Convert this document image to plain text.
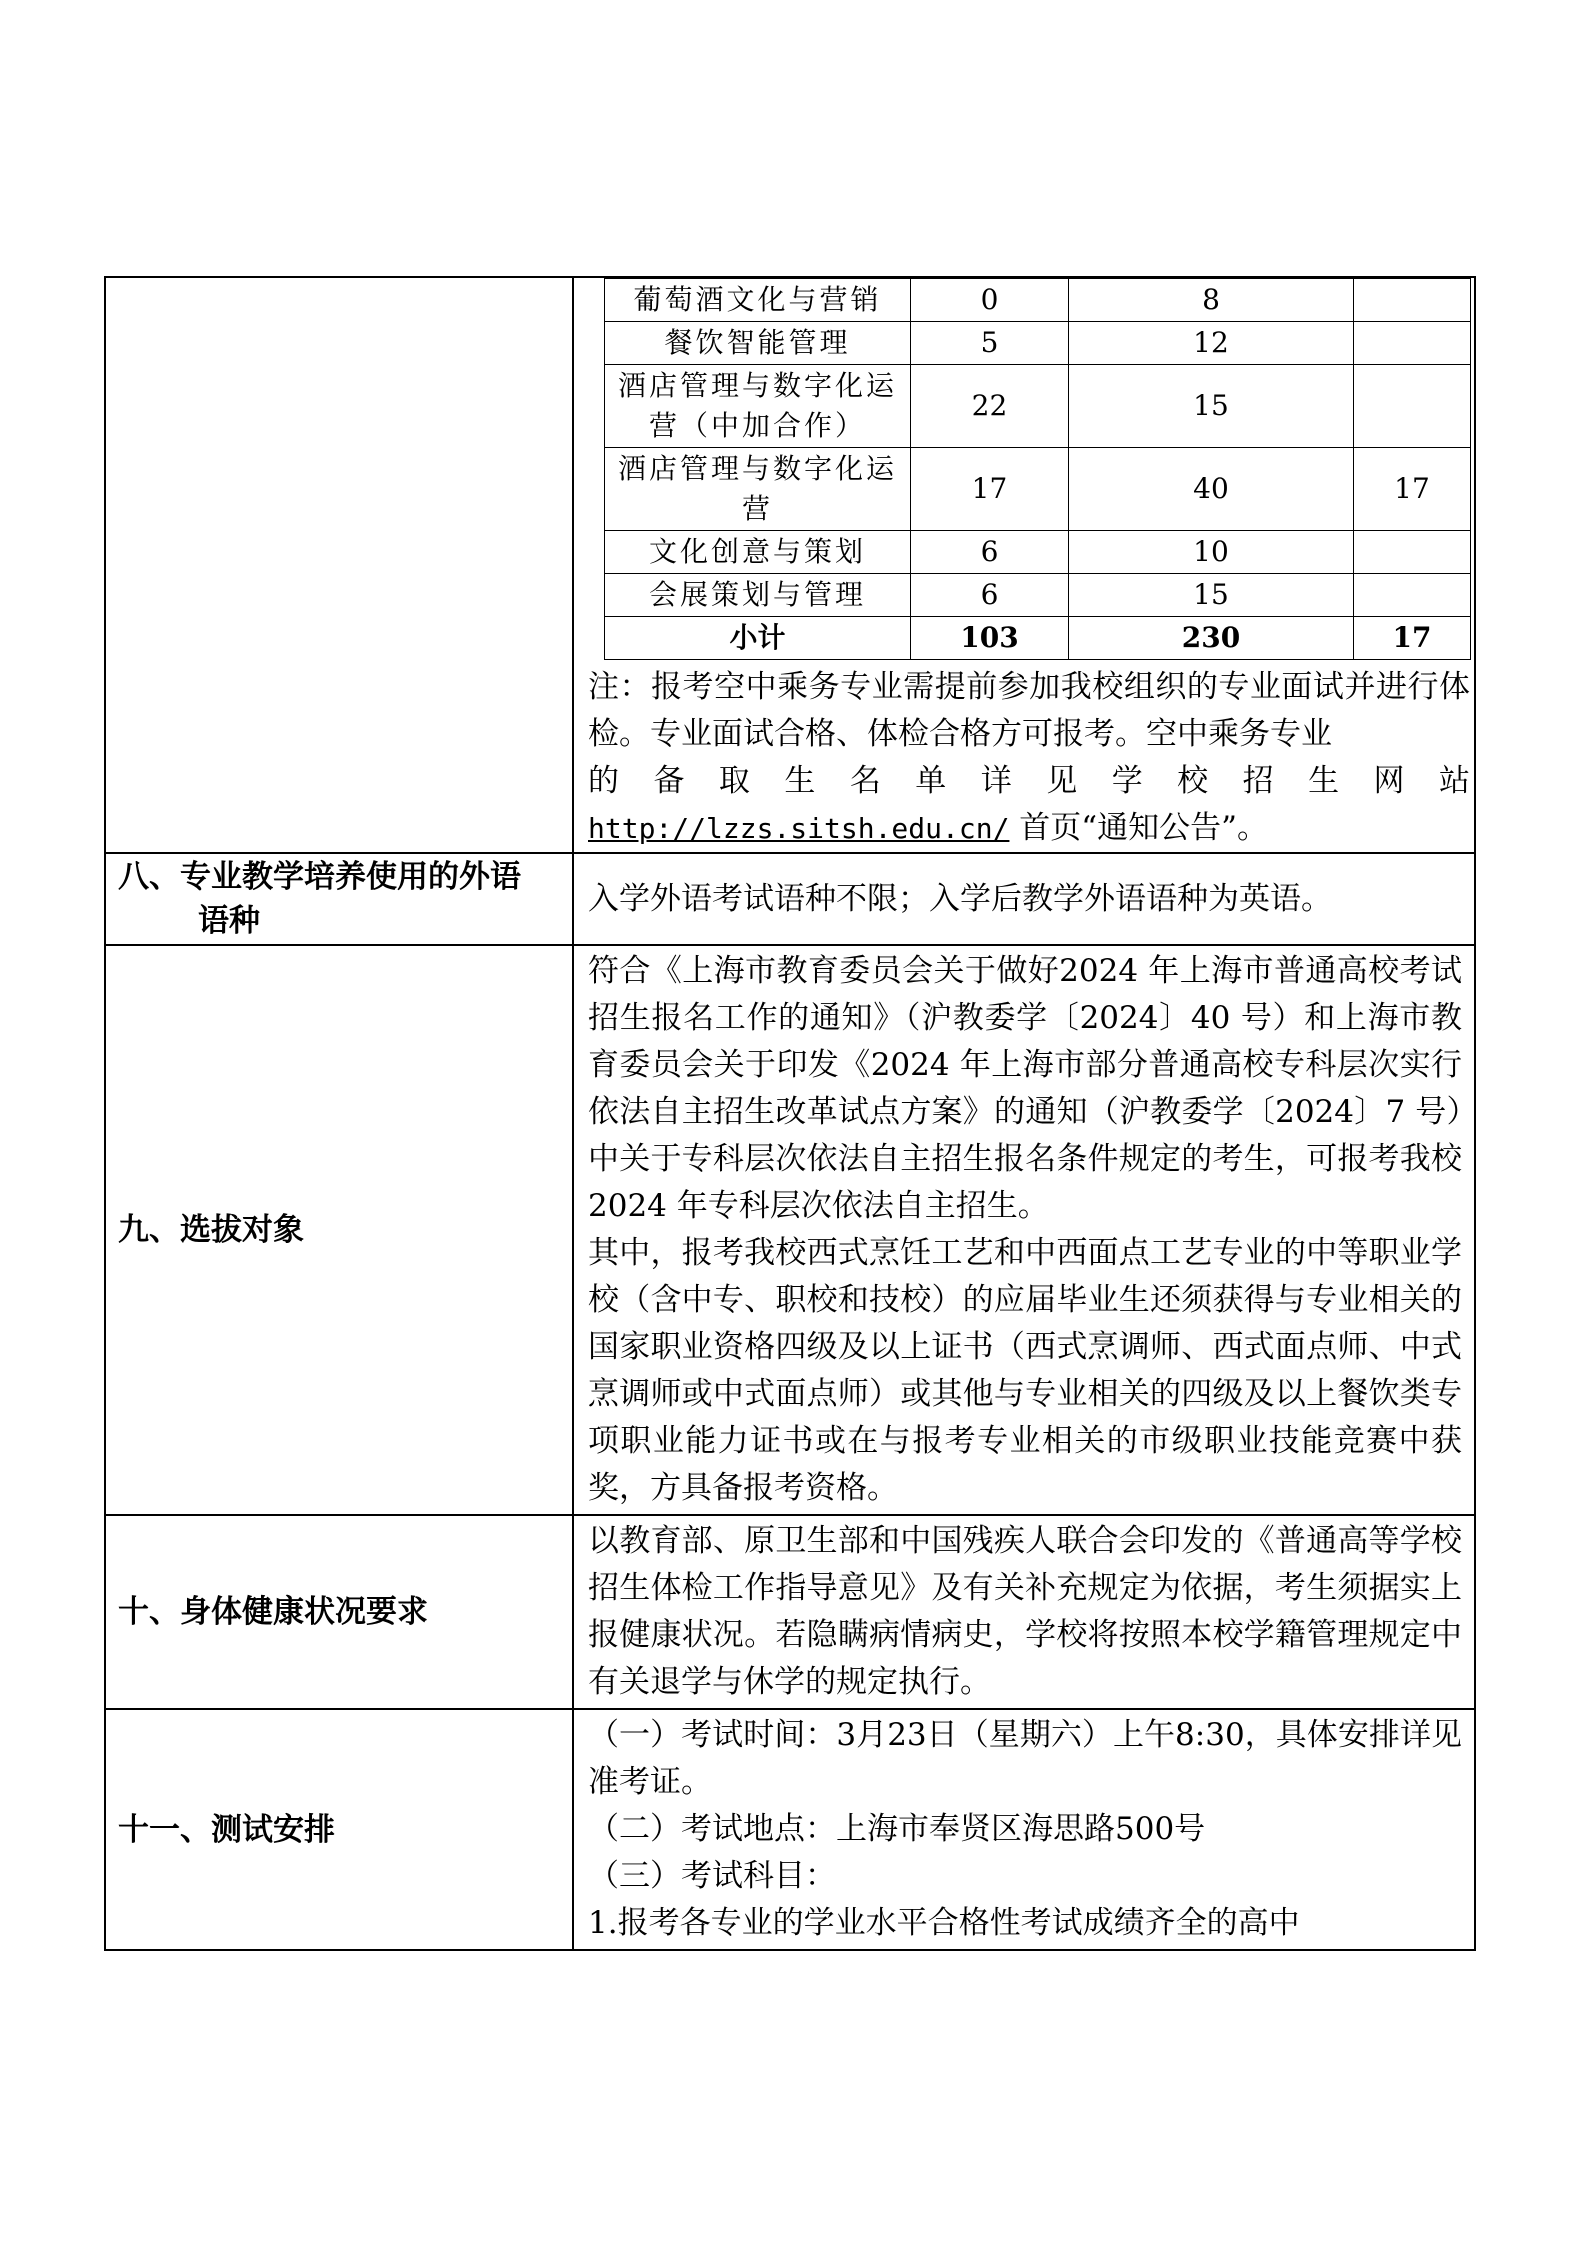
葡萄酒文化与营销	0	8	
餐饮智能管理	5	12	
酒店管理与数字化运营（中加合作）	22	15	
酒店管理与数字化运营	17	40	17
文化创意与策划	6	10	
会展策划与管理	6	15	
小计	103	230	17
注：报考空中乘务专业需提前参加我校组织的专业面试并进行体检。专业面试合格、体检合格方可报考。空中乘务专业
的备取生名单详见学校招生网站
http://lzzs.sitsh.edu.cn/ 首页“通知公告”。

八、专业教学培养使用的外语
语种
	入学外语考试语种不限；入学后教学外语语种为英语。
九、选拔对象	

符合《上海市教育委员会关于做好2024 年上海市普通高校考试招生报名工作的通知》（沪教委学〔2024〕40 号）和上海市教育委员会关于印发《2024 年上海市部分普通高校专科层次实行依法自主招生改革试点方案》的通知（沪教委学〔2024〕7 号）中关于专科层次依法自主招生报名条件规定的考生，可报考我校2024 年专科层次依法自主招生。

其中，报考我校西式烹饪工艺和中西面点工艺专业的中等职业学校（含中专、职校和技校）的应届毕业生还须获得与专业相关的国家职业资格四级及以上证书（西式烹调师、西式面点师、中式烹调师或中式面点师）或其他与专业相关的四级及以上餐饮类专项职业能力证书或在与报考专业相关的市级职业技能竞赛中获奖，方具备报考资格。

十、身体健康状况要求	以教育部、原卫生部和中国残疾人联合会印发的《普通高等学校招生体检工作指导意见》及有关补充规定为依据，考生须据实上报健康状况。若隐瞒病情病史，学校将按照本校学籍管理规定中有关退学与休学的规定执行。
十一、测试安排	

（一）考试时间：3月23日（星期六）上午8:30，具体安排详见准考证。

（二）考试地点：上海市奉贤区海思路500号

（三）考试科目：

1.报考各专业的学业水平合格性考试成绩齐全的高中
